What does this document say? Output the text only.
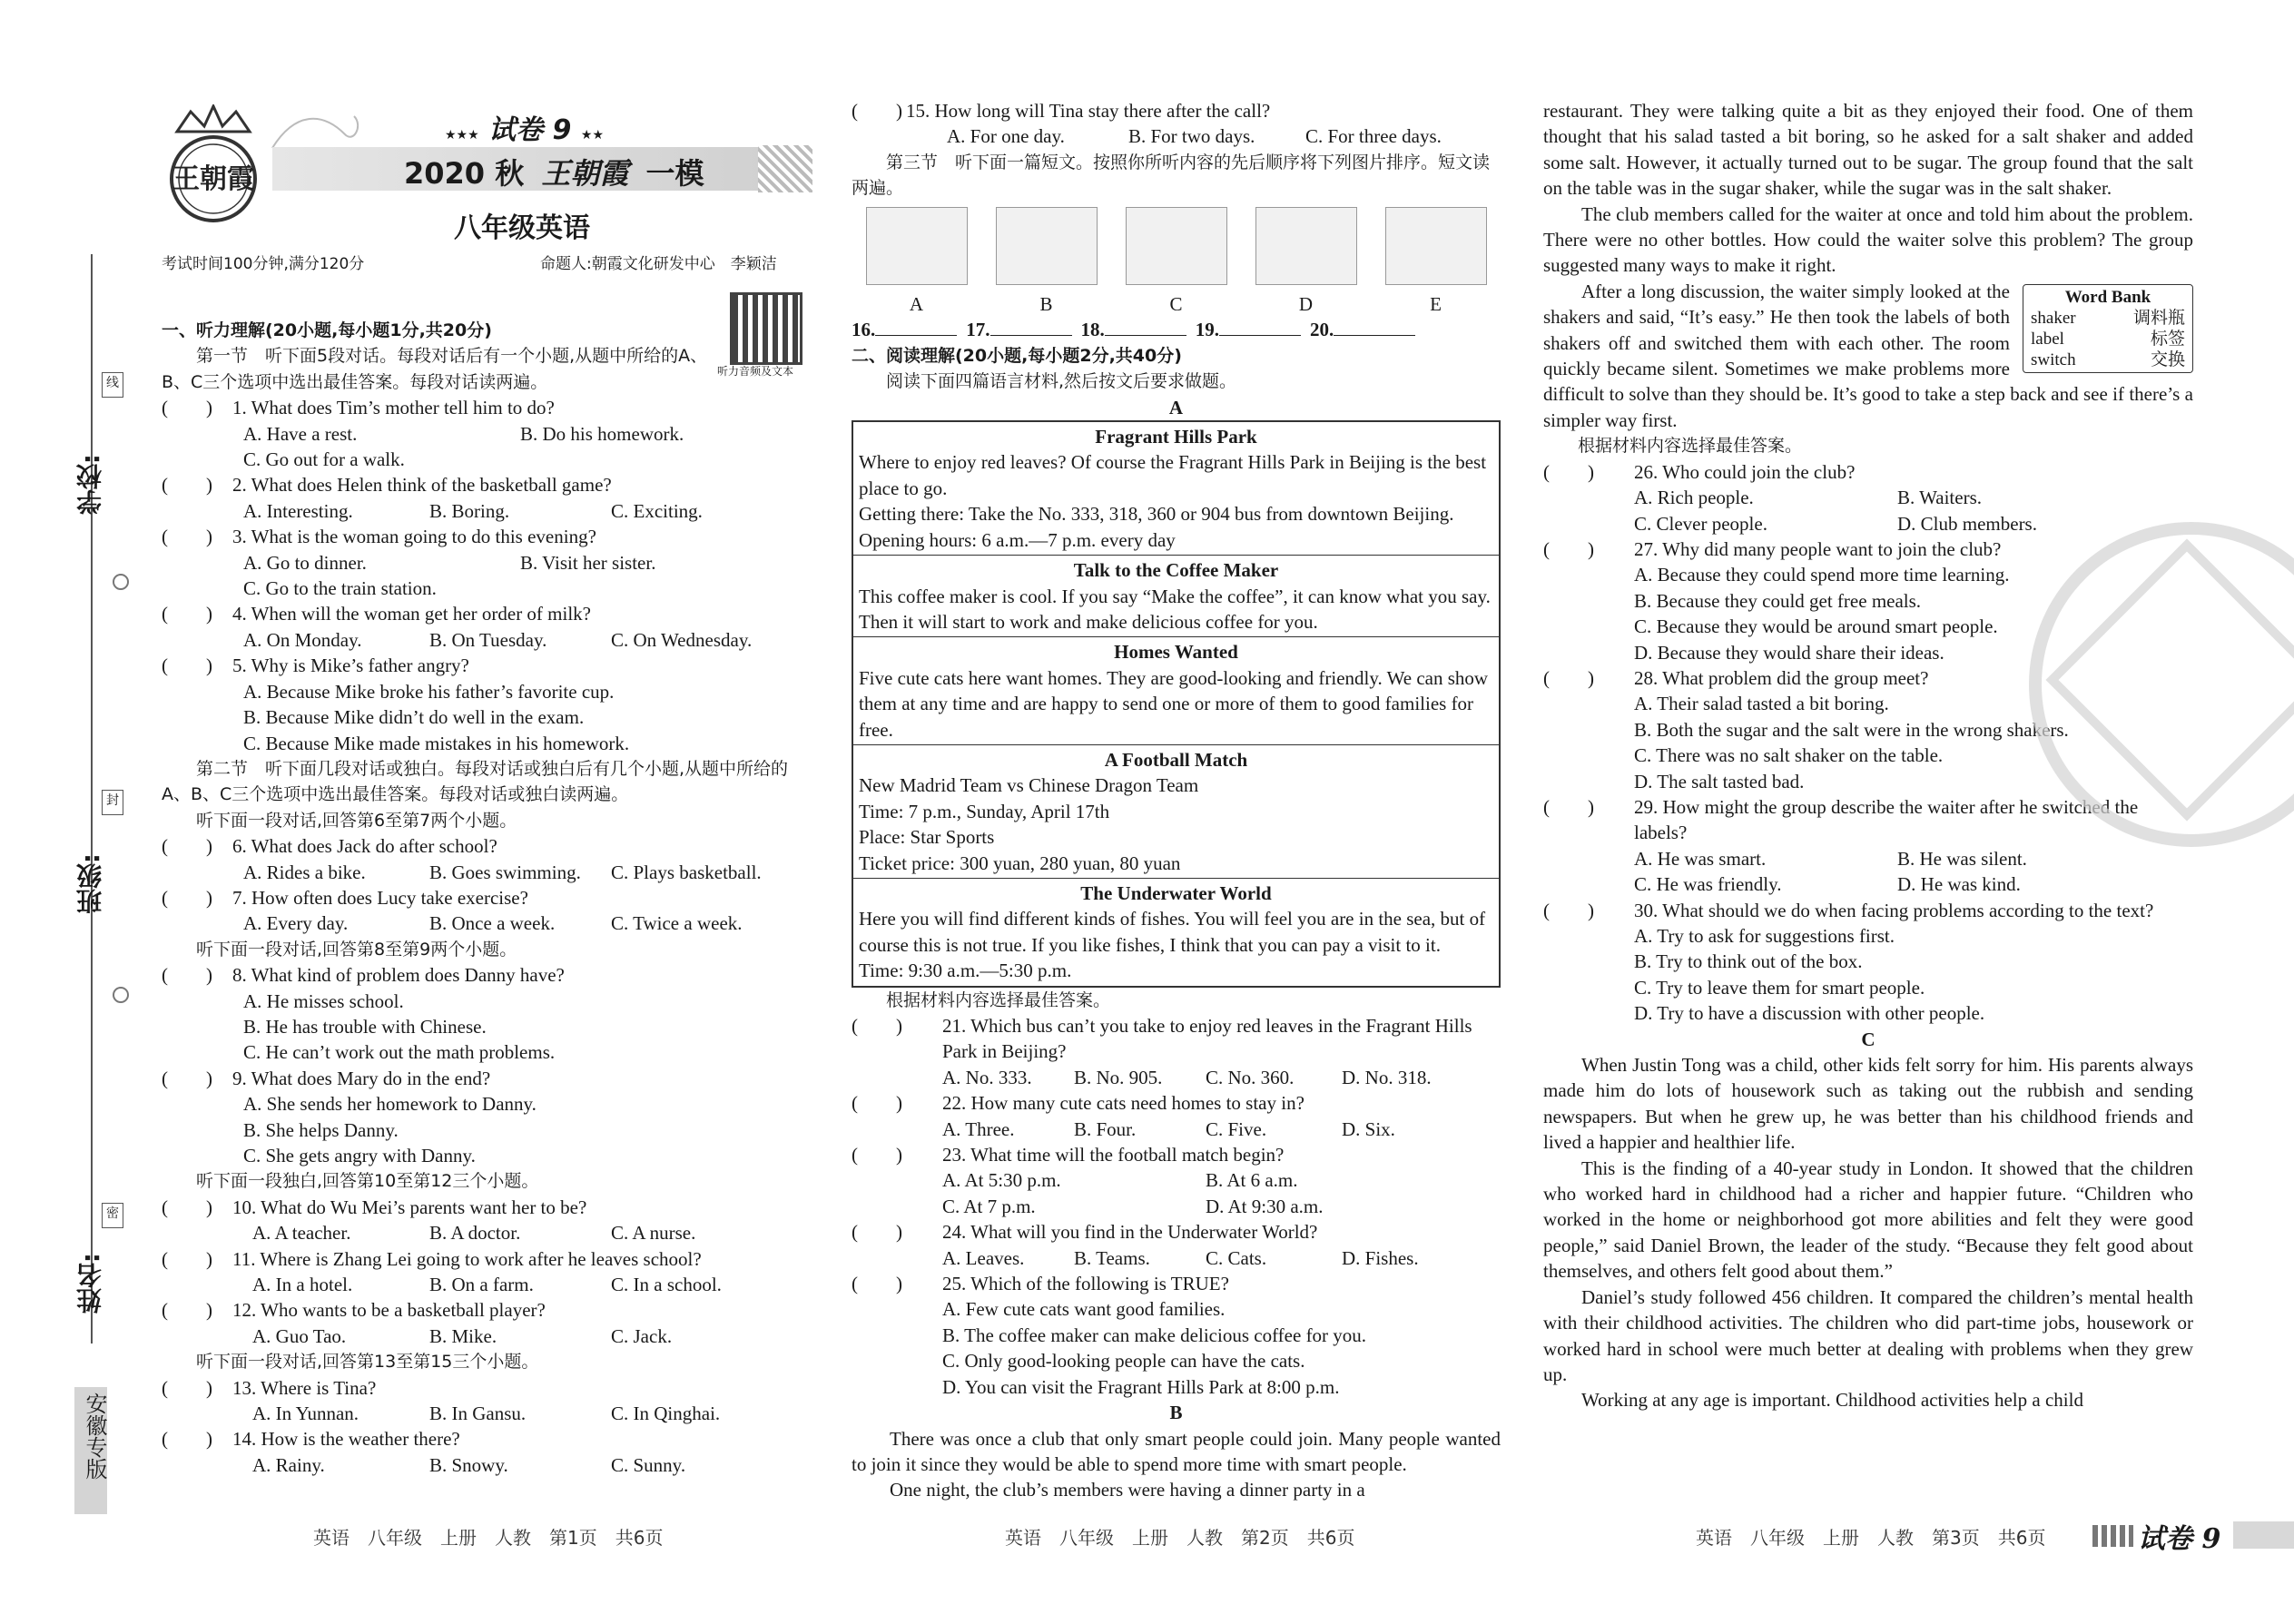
学校:
班级:
姓名:
线
封
密
安徽专版
王朝霞
★★★ 试卷 9 ★★
2020 秋 王朝霞 一模
八年级英语
考试时间100分钟,满分120分	命题人:朝霞文化研发中心　李颖洁
听力音频及文本

一、听力理解(20小题,每小题1分,共20分)

第一节　听下面5段对话。每段对话后有一个小题,从题中所给的A、B、C三个选项中选出最佳答案。每段对话读两遍。

(　　)	1. What does Tim’s mother tell him to do?
A. Have a rest.	B. Do his homework.
C. Go out for a walk.
(　　)	2. What does Helen think of the basketball game?
A. Interesting.	B. Boring.	C. Exciting.
(　　)	3. What is the woman going to do this evening?
A. Go to dinner.	B. Visit her sister.
C. Go to the train station.
(　　)	4. When will the woman get her order of milk?
A. On Monday.	B. On Tuesday.	C. On Wednesday.
(　　)	5. Why is Mike’s father angry?
A. Because Mike broke his father’s favorite cup.
B. Because Mike didn’t do well in the exam.
C. Because Mike made mistakes in his homework.

第二节　听下面几段对话或独白。每段对话或独白后有几个小题,从题中所给的A、B、C三个选项中选出最佳答案。每段对话或独白读两遍。

听下面一段对话,回答第6至第7两个小题。

(　　)	6. What does Jack do after school?
A. Rides a bike.	B. Goes swimming.	C. Plays basketball.
(　　)	7. How often does Lucy take exercise?
A. Every day.	B. Once a week.	C. Twice a week.

听下面一段对话,回答第8至第9两个小题。

(　　)	8. What kind of problem does Danny have?
A. He misses school.
B. He has trouble with Chinese.
C. He can’t work out the math problems.
(　　)	9. What does Mary do in the end?
A. She sends her homework to Danny.
B. She helps Danny.
C. She gets angry with Danny.

听下面一段独白,回答第10至第12三个小题。

(　　)	10. What do Wu Mei’s parents want her to be?
A. A teacher.	B. A doctor.	C. A nurse.
(　　)	11. Where is Zhang Lei going to work after he leaves school?
A. In a hotel.	B. On a farm.	C. In a school.
(　　)	12. Who wants to be a basketball player?
A. Guo Tao.	B. Mike.	C. Jack.

听下面一段对话,回答第13至第15三个小题。

(　　)	13. Where is Tina?
A. In Yunnan.	B. In Gansu.	C. In Qinghai.
(　　)	14. How is the weather there?
A. Rainy.	B. Snowy.	C. Sunny.
(　　) 15. How long will Tina stay there after the call?
A. For one day.	B. For two days.	C. For three days.

第三节　听下面一篇短文。按照你所听内容的先后顺序将下列图片排序。短文读两遍。

A	B	C	D	E
16.	17.	18.	19.	20.

二、阅读理解(20小题,每小题2分,共40分)

阅读下面四篇语言材料,然后按文后要求做题。

A

Fragrant Hills Park
Where to enjoy red leaves? Of course the Fragrant Hills Park in Beijing is the best place to go.
Getting there: Take the No. 333, 318, 360 or 904 bus from downtown Beijing.
Opening hours: 6 a.m.—7 p.m. every day
Talk to the Coffee Maker
This coffee maker is cool. If you say “Make the coffee”, it can know what you say. Then it will start to work and make delicious coffee for you.
Homes Wanted
Five cute cats here want homes. They are good-looking and friendly. We can show them at any time and are happy to send one or more of them to good families for free.
A Football Match
New Madrid Team vs Chinese Dragon Team
Time: 7 p.m., Sunday, April 17th
Place: Star Sports
Ticket price: 300 yuan, 280 yuan, 80 yuan
The Underwater World
Here you will find different kinds of fishes. You will feel you are in the sea, but of course this is not true. If you like fishes, I think that you can pay a visit to it.
Time: 9:30 a.m.—5:30 p.m.

根据材料内容选择最佳答案。

(　　)	21. Which bus can’t you take to enjoy red leaves in the Fragrant Hills Park in Beijing?
A. No. 333.	B. No. 905.	C. No. 360.	D. No. 318.
(　　)	22. How many cute cats need homes to stay in?
A. Three.	B. Four.	C. Five.	D. Six.
(　　)	23. What time will the football match begin?
A. At 5:30 p.m.	B. At 6 a.m.
C. At 7 p.m.	D. At 9:30 a.m.
(　　)	24. What will you find in the Underwater World?
A. Leaves.	B. Teams.	C. Cats.	D. Fishes.
(　　)	25. Which of the following is TRUE?
A. Few cute cats want good families.
B. The coffee maker can make delicious coffee for you.
C. Only good-looking people can have the cats.
D. You can visit the Fragrant Hills Park at 8:00 p.m.

B

There was once a club that only smart people could join. Many people wanted to join it since they would be able to spend more time with smart people.

One night, the club’s members were having a dinner party in a

restaurant. They were talking quite a bit as they enjoyed their food. One of them thought that his salad tasted a bit boring, so he asked for a salt shaker and added some salt. However, it actually turned out to be sugar. The group found that the salt on the table was in the sugar shaker, while the sugar was in the salt shaker.

The club members called for the waiter at once and told him about the problem. There were no other bottles. How could the waiter solve this problem? The group suggested many ways to make it right.

Word Bank
shaker	调料瓶
label	标签
switch	交换

After a long discussion, the waiter simply looked at the shakers and said, “It’s easy.” He then took the labels of both shakers off and switched them with each other. The room quickly became silent. Sometimes we make problems more difficult to solve than they should be. It’s good to take a step back and see if there’s a simpler way first.

根据材料内容选择最佳答案。

(　　)	26. Who could join the club?
A. Rich people.	B. Waiters.
C. Clever people.	D. Club members.
(　　)	27. Why did many people want to join the club?
A. Because they could spend more time learning.
B. Because they could get free meals.
C. Because they would be around smart people.
D. Because they would share their ideas.
(　　)	28. What problem did the group meet?
A. Their salad tasted a bit boring.
B. Both the sugar and the salt were in the wrong shakers.
C. There was no salt shaker on the table.
D. The salt tasted bad.
(　　)	29. How might the group describe the waiter after he switched the labels?
A. He was smart.	B. He was silent.
C. He was friendly.	D. He was kind.
(　　)	30. What should we do when facing problems according to the text?
A. Try to ask for suggestions first.
B. Try to think out of the box.
C. Try to leave them for smart people.
D. Try to have a discussion with other people.

C

When Justin Tong was a child, other kids felt sorry for him. His parents always made him do lots of housework such as taking out the rubbish and sending newspapers. But when he grew up, he was better than his childhood friends and lived a happier and healthier life.

This is the finding of a 40-year study in London. It showed that the children who worked hard in childhood had a richer and happier future. “Children who worked in the home or neighborhood got more abilities and felt they were good people,” said Daniel Brown, the leader of the study. “Because they felt good about themselves, and others felt good about them.”

Daniel’s study followed 456 children. It compared the children’s mental health with their childhood activities. The children who did part-time jobs, housework or worked hard in school were much better at dealing with problems when they grew up.

Working at any age is important. Childhood activities help a child

英语　八年级　上册　人教　第1页　共6页	英语　八年级　上册　人教　第2页　共6页	英语　八年级　上册　人教　第3页　共6页	试卷 9
